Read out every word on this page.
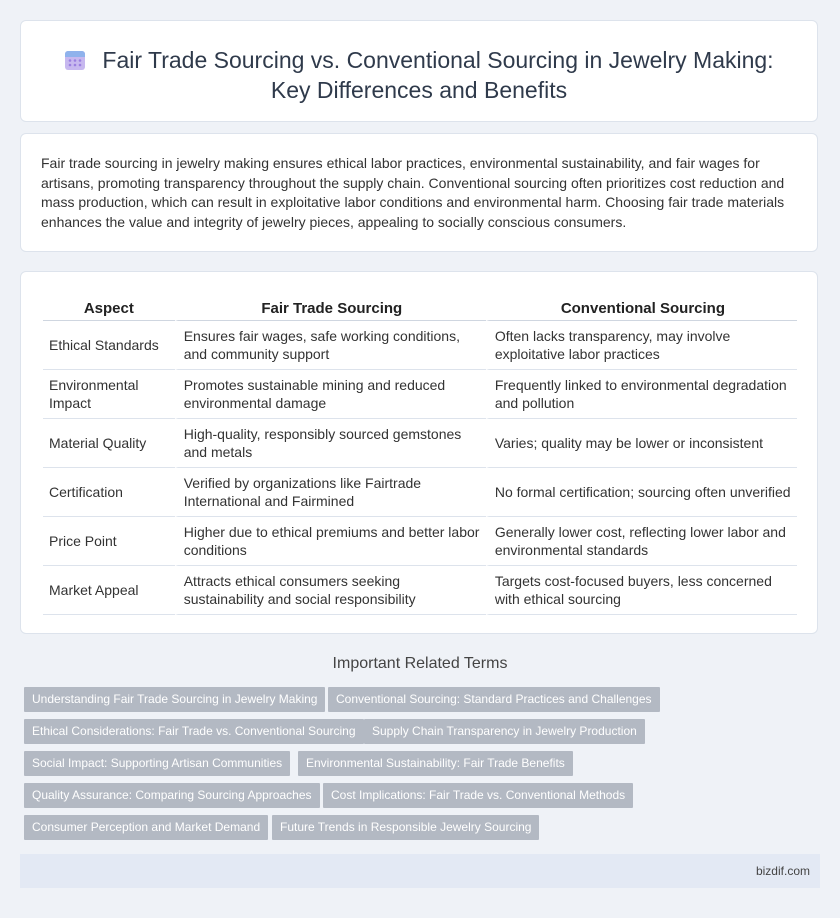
Fair Trade Sourcing vs. Conventional Sourcing in Jewelry Making:
Key Differences and Benefits

Fair trade sourcing in jewelry making ensures ethical labor practices, environmental sustainability, and fair wages for artisans, promoting transparency throughout the supply chain. Conventional sourcing often prioritizes cost reduction and mass production, which can result in exploitative labor conditions and environmental harm. Choosing fair trade materials enhances the value and integrity of jewelry pieces, appealing to socially conscious consumers.

Aspect	Fair Trade Sourcing	Conventional Sourcing
Ethical Standards	Ensures fair wages, safe working conditions, and community support	Often lacks transparency, may involve exploitative labor practices
Environmental Impact	Promotes sustainable mining and reduced environmental damage	Frequently linked to environmental degradation and pollution
Material Quality	High-quality, responsibly sourced gemstones and metals	Varies; quality may be lower or inconsistent
Certification	Verified by organizations like Fairtrade International and Fairmined	No formal certification; sourcing often unverified
Price Point	Higher due to ethical premiums and better labor conditions	Generally lower cost, reflecting lower labor and environmental standards
Market Appeal	Attracts ethical consumers seeking sustainability and social responsibility	Targets cost-focused buyers, less concerned with ethical sourcing
Important Related Terms
Understanding Fair Trade Sourcing in Jewelry Making	Conventional Sourcing: Standard Practices and Challenges
Ethical Considerations: Fair Trade vs. Conventional Sourcing	Supply Chain Transparency in Jewelry Production
Social Impact: Supporting Artisan Communities	Environmental Sustainability: Fair Trade Benefits
Quality Assurance: Comparing Sourcing Approaches	Cost Implications: Fair Trade vs. Conventional Methods
Consumer Perception and Market Demand	Future Trends in Responsible Jewelry Sourcing
bizdif.com
